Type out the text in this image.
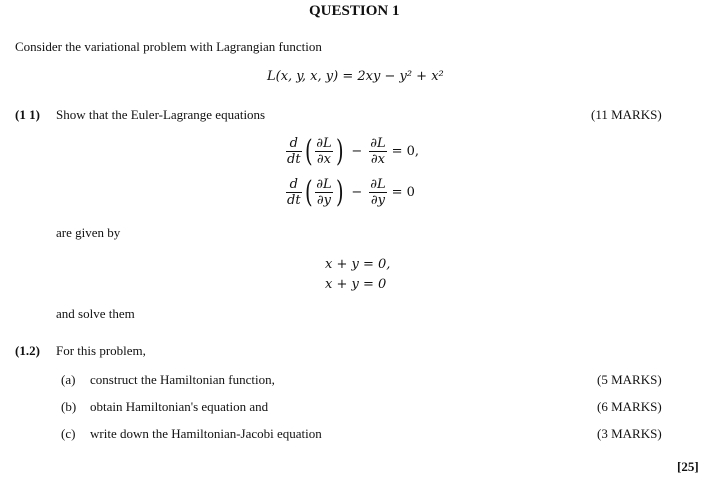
QUESTION 1
Consider the variational problem with Lagrangian function
L(x, y, x, y) = 2xy − y² + x²
(1 1) Show that the Euler-Lagrange equations	(11 MARKS)
$\frac{d}{dt}$ ( $\frac{\partial L}{\partial x}$ ) − $\frac{\partial L}{\partial x} = 0$,
$\frac{d}{dt}$ ( $\frac{\partial L}{\partial y}$ ) − $\frac{\partial L}{\partial y} = 0$
are given by
x + y = 0,
x + y = 0
and solve them
(1.2) For this problem,
(a) construct the Hamiltonian function,	(5 MARKS)
(b) obtain Hamiltonian's equation and	(6 MARKS)
(c) write down the Hamiltonian-Jacobi equation	(3 MARKS)
[25]
